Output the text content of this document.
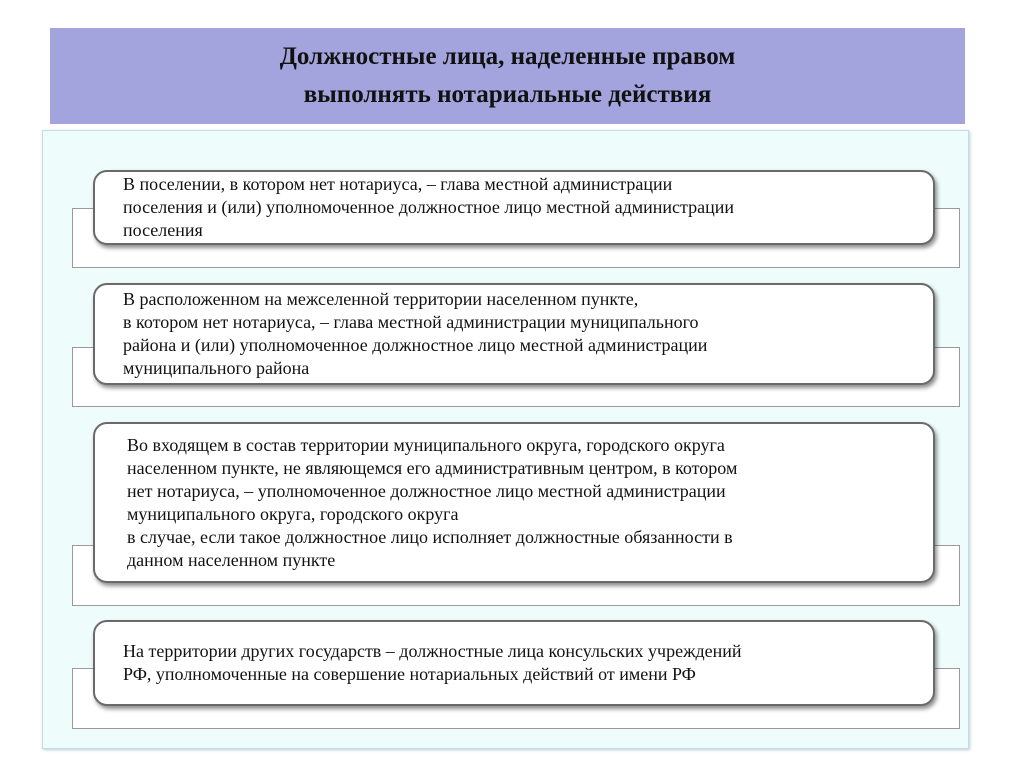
Должностные лица, наделенные правом
выполнять нотариальные действия
В поселении, в котором нет нотариуса, – глава местной администрации
поселения и (или) уполномоченное должностное лицо местной администрации
поселения
В расположенном на межселенной территории населенном пункте,
в котором нет нотариуса, – глава местной администрации муниципального
района и (или) уполномоченное должностное лицо местной администрации
муниципального района
Во входящем в состав территории муниципального округа, городского округа
населенном пункте, не являющемся его административным центром, в котором
нет нотариуса, – уполномоченное должностное лицо местной администрации
муниципального округа, городского округа
в случае, если такое должностное лицо исполняет должностные обязанности в
данном населенном пункте
На территории других государств – должностные лица консульских учреждений
РФ, уполномоченные на совершение нотариальных действий от имени РФ
